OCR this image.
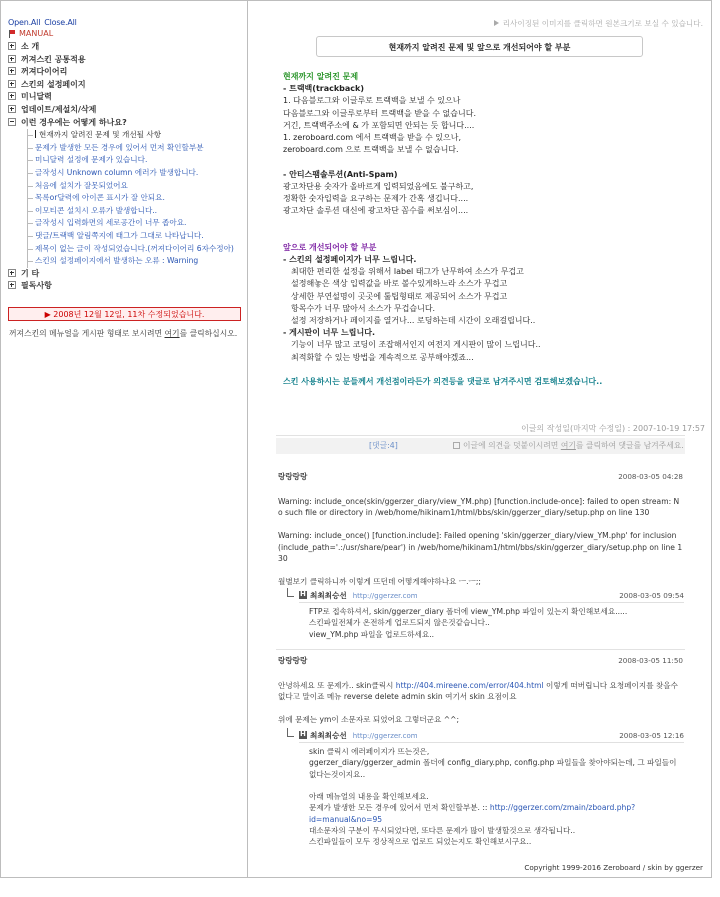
Open.All Close.All
MANUAL
소 개
꺼져스킨 공통적용
꺼져다이어리
스킨의 설정페이지
미니달력
업데이트/제설치/삭제
이런 경우에는 어떻게 하나요?
현재까지 알려진 문제 및 개선될 사항
문제가 발생한 모든 경우에 있어서 먼저 확인할부분
미니달력 설정에 문제가 있습니다.
글작성시 Unknown column 에러가 발생합니다.
처음에 설치가 잘못되었어요
목록or달력에 아이콘 표시가 잘 안되요.
이모티콘 설치시 오류가 발생합니다..
글작성시 입력화면의 세로공간이 너무 좁아요.
댓글/트랙백 알림쪽지에 태그가 그대로 나타납니다.
제목이 없는 글이 작성되었습니다.(꺼져다이어리 6자수정아)
스킨의 설정페이지에서 발생하는 오류 : Warning
기 타
필독사항
▶ 2008년 12월 12일, 11차 수정되었습니다.
꺼져스킨의 메뉴얼을 게시판 형태로 보시려면 여기를 클릭하십시오.
리사이징된 이미지를 클릭하면 원본크기로 보실 수 있습니다.
현재까지 알려진 문제 및 앞으로 개선되어야 할 부분
현재까지 알려진 문제
- 트랙백(trackback)
1. 다음블로그와 이글루로 트랙백을 보낼 수 있으나
다음블로그와 이글루로부터 트랙백을 받을 수 없습니다.
거긴, 트랙백주소에 & 가 포함되면 안되는 듯 합니다....
1. zeroboard.com 에서 트랙백을 받을 수 있으나,
zeroboard.com 으로 트랙백을 보낼 수 없습니다.

- 안티스팸솔루션(Anti-Spam)
광고차단용 숫자가 올바르게 입력되었음에도 불구하고,
정확한 숫자입력을 요구하는 문제가 간혹 생깁니다....
광고차단 솔루션 대신에 광고차단 꼼수를 써보심이....

앞으로 개선되어야 할 부분
- 스킨의 설정페이지가 너무 느립니다.
최대한 편리한 설정을 위해서 label 태그가 난무하여 소스가 무겁고
설정해놓은 색상 입력값을 바로 볼수있게하느라 소스가 무겁고
상세한 부연설명이 곳곳에 툴팁형태로 제공되어 소스가 무겁고
항목수가 너무 많아서 소스가 무겁습니다.
설정 저장하거나 페이지를 열거나... 로딩하는데 시간이 오래걸립니다..
- 게시판이 너무 느립니다.
기능이 너무 많고 코딩이 조잡해서인지 여전지 게시판이 많이 느립니다..
최적화할 수 있는 방법을 계속적으로 공부해야겠죠...

스킨 사용하시는 분들께서 개선점이라든가 의견등을 댓글로 남겨주시면 검토해보겠습니다..
이글의 작성일(마지막 수정일) : 2007-10-19 17:57
[댓글:4]	이글에 의견을 덧붙이시려면 여기를 클릭하여 댓글를 남겨주세요.
랑랑랑랑	2008-03-05 04:28
Warning: include_once(skin/ggerzer_diary/view_YM.php) [function.include-once]: failed to open stream: No such file or directory in /web/home/hikinam1/html/bbs/skin/ggerzer_diary/setup.php on line 130

Warning: include_once() [function.include]: Failed opening 'skin/ggerzer_diary/view_YM.php' for inclusion (include_path='.:/usr/share/pear') in /web/home/hikinam1/html/bbs/skin/ggerzer_diary/setup.php on line 130

월별보기 클릭하니까 이렇게 뜨던데 어떻게해야하나요 ㅡ.ㅡ;;
H최최최승선 http://ggerzer.com	2008-03-05 09:54
FTP로 접속하셔서, skin/ggerzer_diary 폴더에 view_YM.php 파일이 있는지 확인해보세요.....
스킨파일전체가 온전하게 업로드되지 않은것같습니다..
view_YM.php 파일을 업로드하세요..
랑랑랑랑	2008-03-05 11:50
안녕하세요 또 문제가.. skin클릭시 http://404.mireene.com/error/404.html 이렇게 떠버립니다 요청페이지를 찾을수 없다고 말이죠 메뉴 reverse delete admin skin 여기서 skin 요점이요

위에 문제는 ym이 소문자로 되었어요 그렇더군요 ^^;
H최최최승선 http://ggerzer.com	2008-03-05 12:16
skin 클릭시 에러페이지가 뜨는것은,
ggerzer_diary/ggerzer_admin 폴더에 config_diary.php, config.php 파일들을 찾아야되는데, 그 파일들이 없다는것이지요..

아래 메뉴얼의 내용을 확인해보세요.
문제가 발생한 모든 경우에 있어서 먼저 확인할부분. :: http://ggerzer.com/zmain/zboard.php?id=manual&no=95
대소문자의 구분이 무시되었다면, 또다른 문제가 많이 발생할것으로 생각됩니다..
스킨파일들이 모두 정상적으로 업로드 되었는지도 확인해보시구요..
Copyright 1999-2016 Zeroboard / skin by ggerzer
